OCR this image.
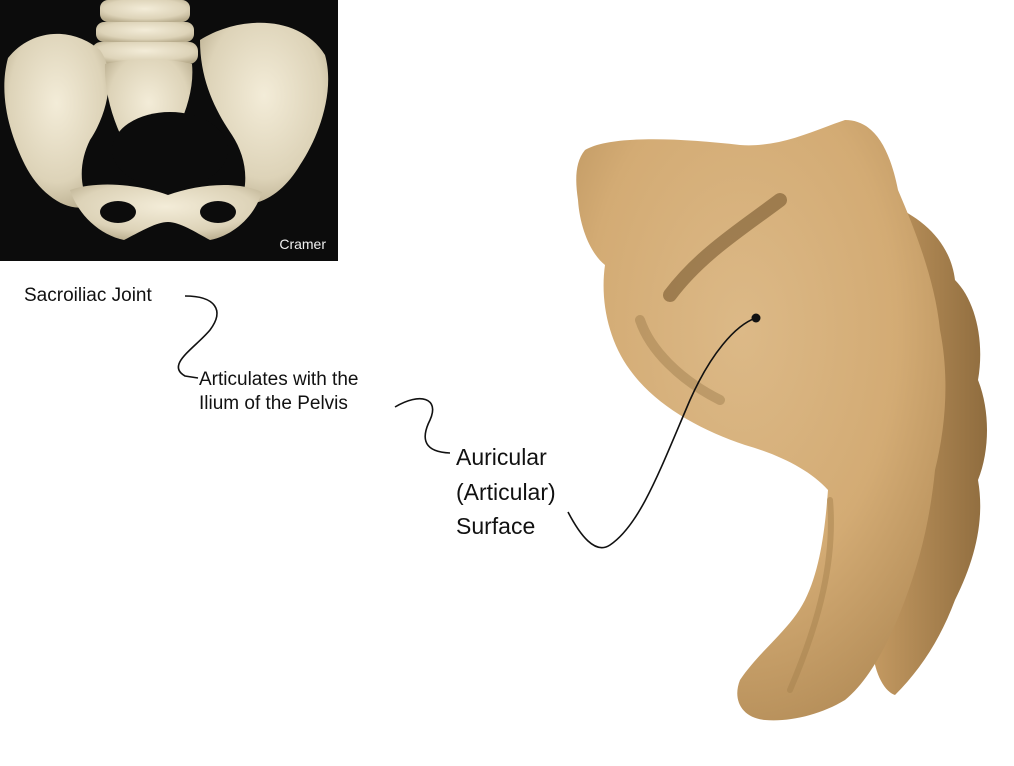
Cramer
Sacroiliac Joint
Articulates with the
Ilium of the Pelvis
Auricular
(Articular)
Surface
